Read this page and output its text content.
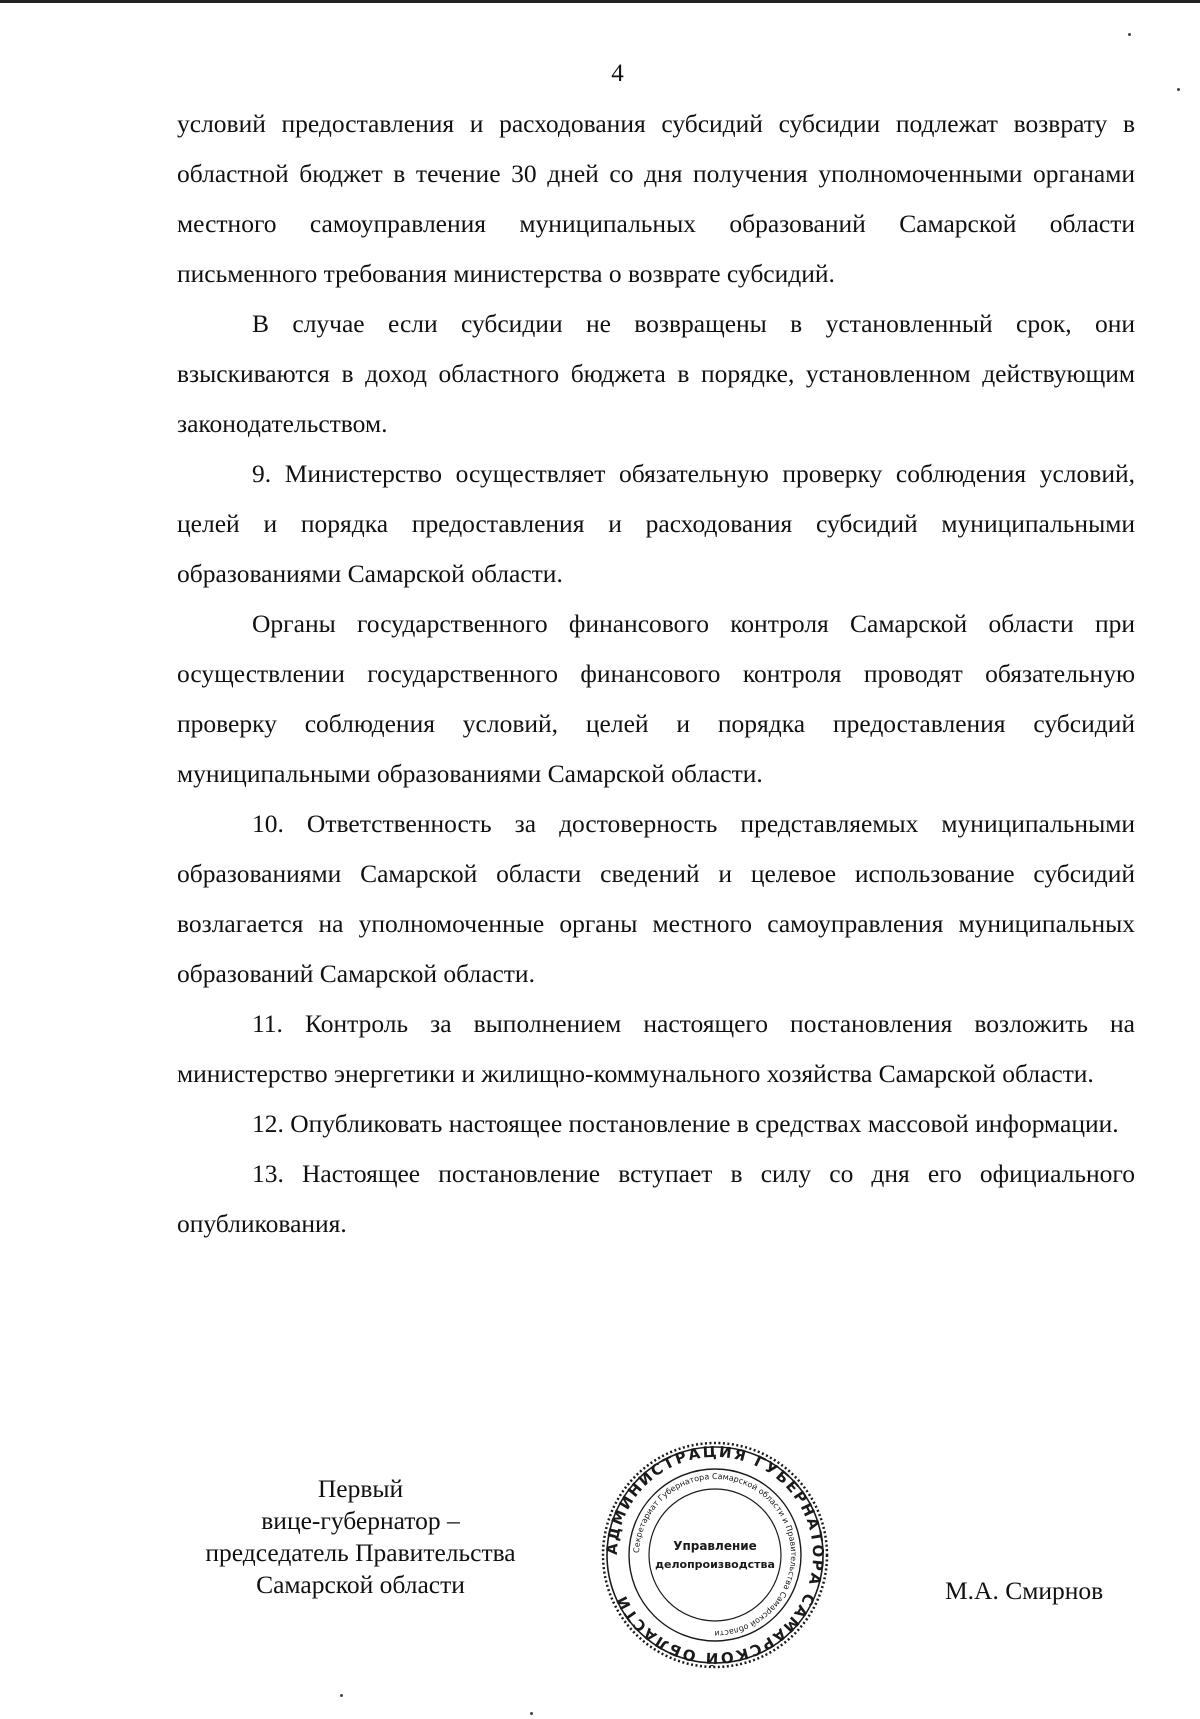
4

условий предоставления и расходования субсидий субсидии подлежат возврату в областной бюджет в течение 30 дней со дня получения уполномоченными органами местного самоуправления муниципальных образований Самарской области письменного требования министерства о возврате субсидий.

В случае если субсидии не возвращены в установленный срок, они взыскиваются в доход областного бюджета в порядке, установленном действующим законодательством.

9. Министерство осуществляет обязательную проверку соблюдения условий, целей и порядка предоставления и расходования субсидий муниципальными образованиями Самарской области.

Органы государственного финансового контроля Самарской области при осуществлении государственного финансового контроля проводят обязательную проверку соблюдения условий, целей и порядка предоставления субсидий муниципальными образованиями Самарской области.

10. Ответственность за достоверность представляемых муниципальными образованиями Самарской области сведений и целевое использование субсидий возлагается на уполномоченные органы местного самоуправления муниципальных образований Самарской области.

11. Контроль за выполнением настоящего постановления возложить на министерство энергетики и жилищно-коммунального хозяйства Самарской области.

12. Опубликовать настоящее постановление в средствах массовой информации.

13. Настоящее постановление вступает в силу со дня его официального опубликования.

Первый
вице-губернатор –
председатель Правительства
Самарской области
АДМИНИСТРАЦИЯ ГУБЕРНАТОРА САМАРСКОЙ ОБЛАСТИ
Секретариат Губернатора Самарской области и Правительства Самарской области
Управление
делопроизводства
М.А. Смирнов
